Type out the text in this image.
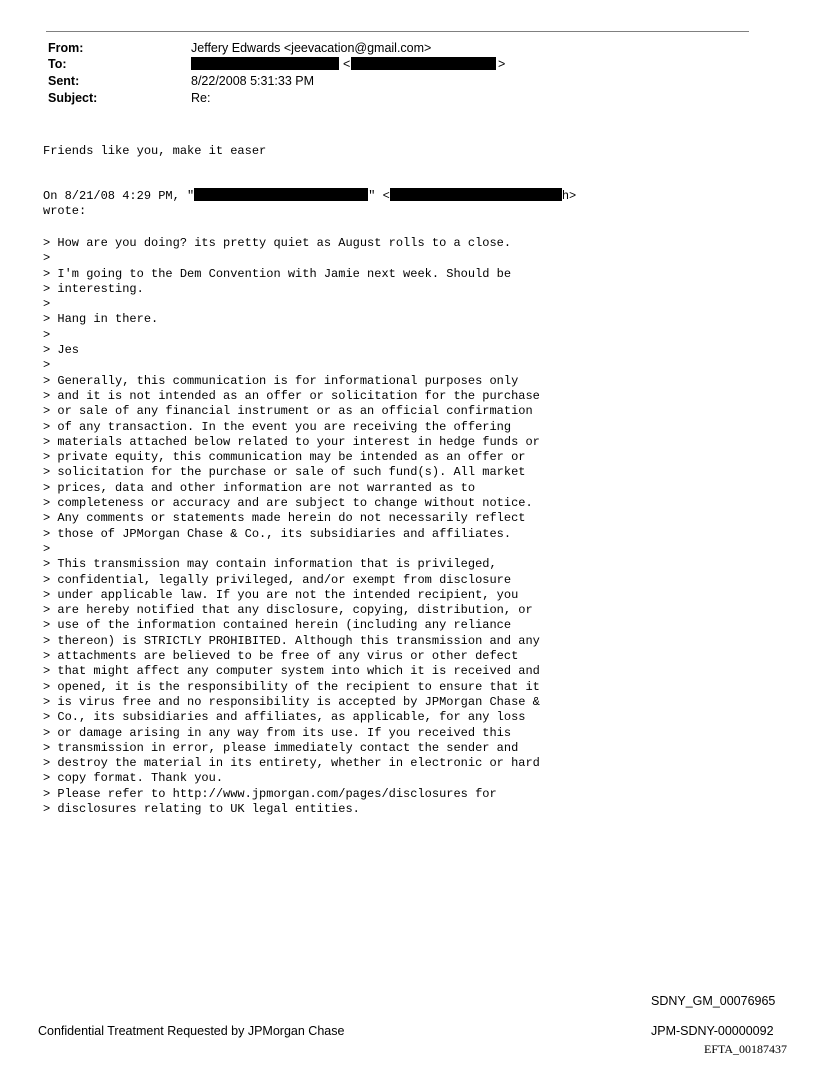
From:	Jeffery Edwards <jeevacation@gmail.com>
To:	<	>
Sent:	8/22/2008 5:31:33 PM
Subject:	Re:
Friends like you, make it easer
On 8/21/08 4:29 PM, "	" <	h>
wrote:
> How are you doing? its pretty quiet as August rolls to a close.
>
> I'm going to the Dem Convention with Jamie next week. Should be
> interesting.
>
> Hang in there.
>
> Jes
>
> Generally, this communication is for informational purposes only
> and it is not intended as an offer or solicitation for the purchase
> or sale of any financial instrument or as an official confirmation
> of any transaction. In the event you are receiving the offering
> materials attached below related to your interest in hedge funds or
> private equity, this communication may be intended as an offer or
> solicitation for the purchase or sale of such fund(s). All market
> prices, data and other information are not warranted as to
> completeness or accuracy and are subject to change without notice.
> Any comments or statements made herein do not necessarily reflect
> those of JPMorgan Chase & Co., its subsidiaries and affiliates.
>
> This transmission may contain information that is privileged,
> confidential, legally privileged, and/or exempt from disclosure
> under applicable law. If you are not the intended recipient, you
> are hereby notified that any disclosure, copying, distribution, or
> use of the information contained herein (including any reliance
> thereon) is STRICTLY PROHIBITED. Although this transmission and any
> attachments are believed to be free of any virus or other defect
> that might affect any computer system into which it is received and
> opened, it is the responsibility of the recipient to ensure that it
> is virus free and no responsibility is accepted by JPMorgan Chase &
> Co., its subsidiaries and affiliates, as applicable, for any loss
> or damage arising in any way from its use. If you received this
> transmission in error, please immediately contact the sender and
> destroy the material in its entirety, whether in electronic or hard
> copy format. Thank you.
> Please refer to http://www.jpmorgan.com/pages/disclosures for
> disclosures relating to UK legal entities.
SDNY_GM_00076965
Confidential Treatment Requested by JPMorgan Chase	JPM-SDNY-00000092
EFTA_00187437
